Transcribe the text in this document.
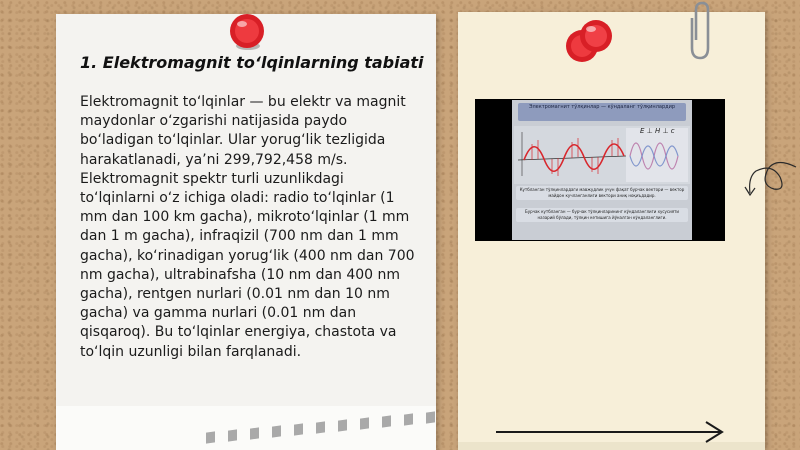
1. Elektromagnit to‘lqinlarning tabiati

Elektromagnit to‘lqinlar — bu elektr va magnit maydonlar o‘zgarishi natijasida paydo bo‘ladigan to‘lqinlar. Ular yorug‘lik tezligida harakatlanadi, ya’ni 299,792,458 m/s. Elektromagnit spektr turli uzunlikdagi to‘lqinlarni o‘z ichiga oladi: radio to‘lqinlar (1 mm dan 100 km gacha), mikroto‘lqinlar (1 mm dan 1 m gacha), infraqizil (700 nm dan 1 mm gacha), ko‘rinadigan yorug‘lik (400 nm dan 700 nm gacha), ultrabinafsha (10 nm dan 400 nm gacha), rentgen nurlari (0.01 nm dan 10 nm gacha) va gamma nurlari (0.01 nm dan qisqaroq). Bu to‘lqinlar energiya, chastota va to‘lqin uzunligi bilan farqlanadi.

Электромагнит тўлқинлар — кўндаланг тўлқинлардир
E ⊥ H ⊥ c
Кутбланган тўлқинлардаги мавжудлик учун фақат бурчак вектори — вектор майдон кучланганлиги вектори аниқ ноқиъдадир.
Бурчак кутбланган — бурчак тўлқинларининг кўндаланглиги хусусияти назарий бўлади, тўлқин кетишига йўналган кўндаланглиги.
